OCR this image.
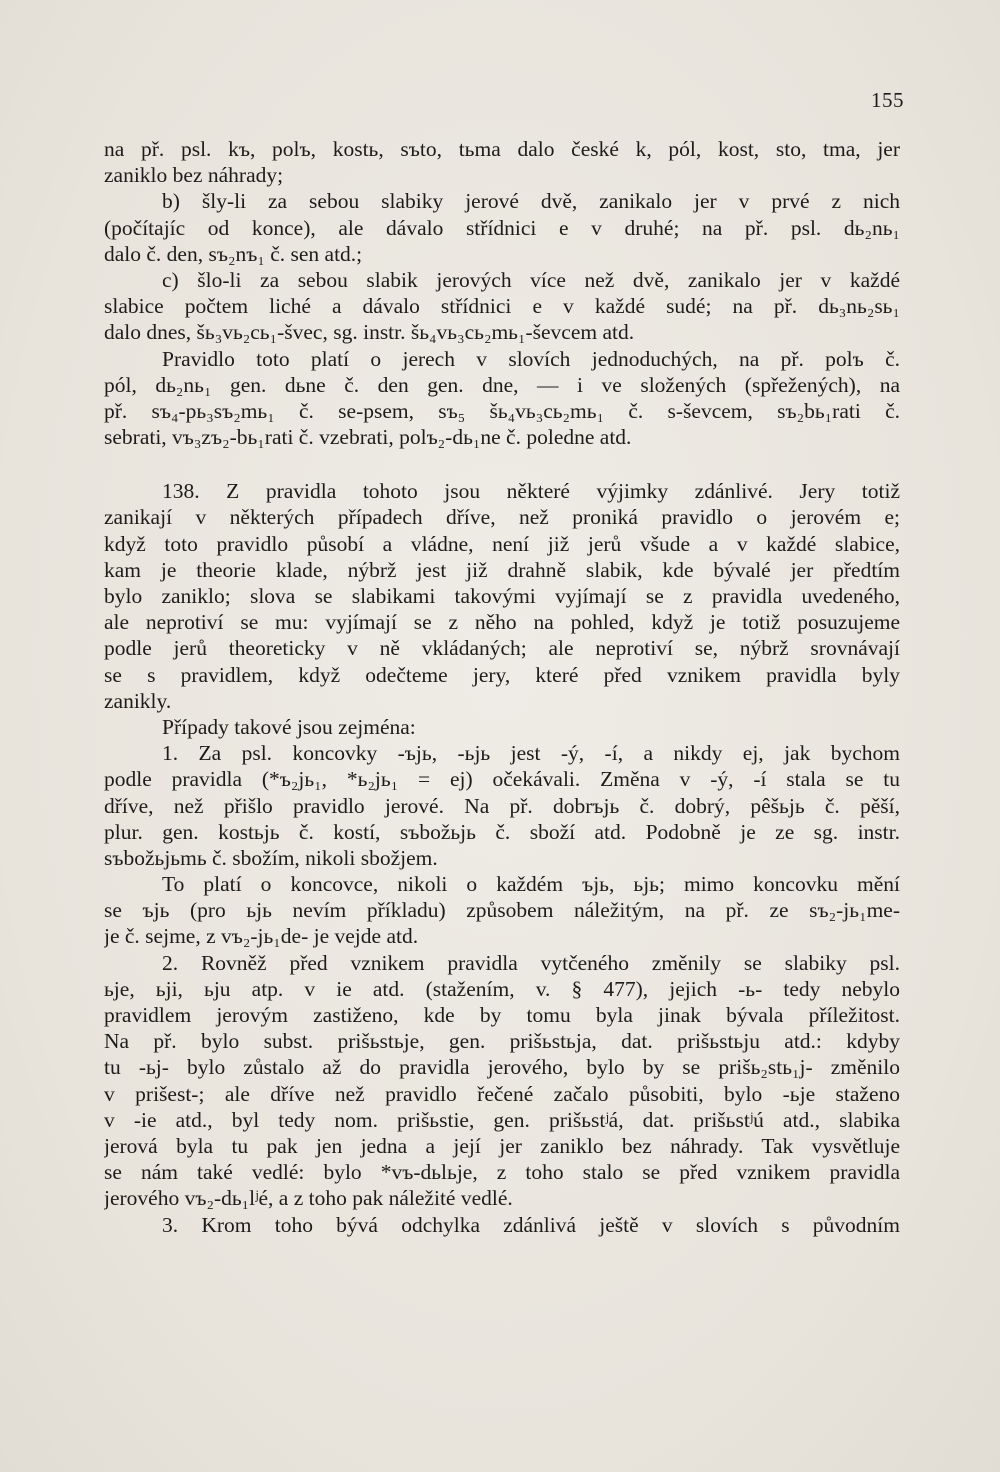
155
na př. psl. kъ, polъ, kostь, sъto, tьma dalo české k, pól, kost, sto, tma, jer
zaniklo bez náhrady;
b) šly-li za sebou slabiky jerové dvě, zanikalo jer v prvé z nich
(počítajíc od konce), ale dávalo střídnici e v druhé; na př. psl. dь₂nь₁
dalo č. den, sъ₂nъ₁ č. sen atd.;
c) šlo-li za sebou slabik jerových více než dvě, zanikalo jer v každé
slabice počtem liché a dávalo střídnici e v každé sudé; na př. dь₃nь₂sь₁
dalo dnes, šь₃vь₂cь₁-švec, sg. instr. šь₄vь₃cь₂mь₁-ševcem atd.
Pravidlo toto platí o jerech v slovích jednoduchých, na př. polъ č.
pól, dь₂nь₁ gen. dьne č. den gen. dne, — i ve složených (spřežených), na
př. sъ₄-pь₃sъ₂mь₁ č. se-psem, sъ₅ šь₄vь₃cь₂mь₁ č. s-ševcem, sъ₂bь₁rati č.
sebrati, vъ₃zъ₂-bь₁rati č. vzebrati, polъ₂-dь₁ne č. poledne atd.
138. Z pravidla tohoto jsou některé výjimky zdánlivé. Jery totiž
zanikají v některých případech dříve, než proniká pravidlo o jerovém e;
když toto pravidlo působí a vládne, není již jerů všude a v každé slabice,
kam je theorie klade, nýbrž jest již drahně slabik, kde bývalé jer předtím
bylo zaniklo; slova se slabikami takovými vyjímají se z pravidla uvedeného,
ale neprotiví se mu: vyjímají se z něho na pohled, když je totiž posuzujeme
podle jerů theoreticky v ně vkládaných; ale neprotiví se, nýbrž srovnávají
se s pravidlem, když odečteme jery, které před vznikem pravidla byly
zanikly.
Případy takové jsou zejména:
1. Za psl. koncovky -ъjь, -ьjь jest -ý, -í, a nikdy ej, jak bychom
podle pravidla (*ъ₂jь₁, *ь₂jь₁ = ej) očekávali. Změna v -ý, -í stala se tu
dříve, než přišlo pravidlo jerové. Na př. dobrъjь č. dobrý, pêšьjь č. pěší,
plur. gen. kostьjь č. kostí, sъbožьjь č. sboží atd. Podobně je ze sg. instr.
sъbožьjьmь č. sbožím, nikoli sbožjem.
To platí o koncovce, nikoli o každém ъjь, ьjь; mimo koncovku mění
se ъjь (pro ьjь nevím příkladu) způsobem náležitým, na př. ze sъ₂-jь₁me-
je č. sejme, z vъ₂-jь₁de- je vejde atd.
2. Rovněž před vznikem pravidla vytčeného změnily se slabiky psl.
ьje, ьji, ьju atp. v ie atd. (stažením, v. § 477), jejich -ь- tedy nebylo
pravidlem jerovým zastiženo, kde by tomu byla jinak bývala příležitost.
Na př. bylo subst. prišьstьje, gen. prišьstьja, dat. prišьstьju atd.: kdyby
tu -ьj- bylo zůstalo až do pravidla jerového, bylo by se prišь₂stь₁j- změnilo
v prišest-; ale dříve než pravidlo řečené začalo působiti, bylo -ьje staženo
v -ie atd., byl tedy nom. prišьstie, gen. prišьstʲá, dat. prišьstʲú atd., slabika
jerová byla tu pak jen jedna a její jer zaniklo bez náhrady. Tak vysvětluje
se nám také vedlé: bylo *vъ-dьlьje, z toho stalo se před vznikem pravidla
jerového vъ₂-dь₁lʲé, a z toho pak náležité vedlé.
3. Krom toho bývá odchylka zdánlivá ještě v slovích s původním
